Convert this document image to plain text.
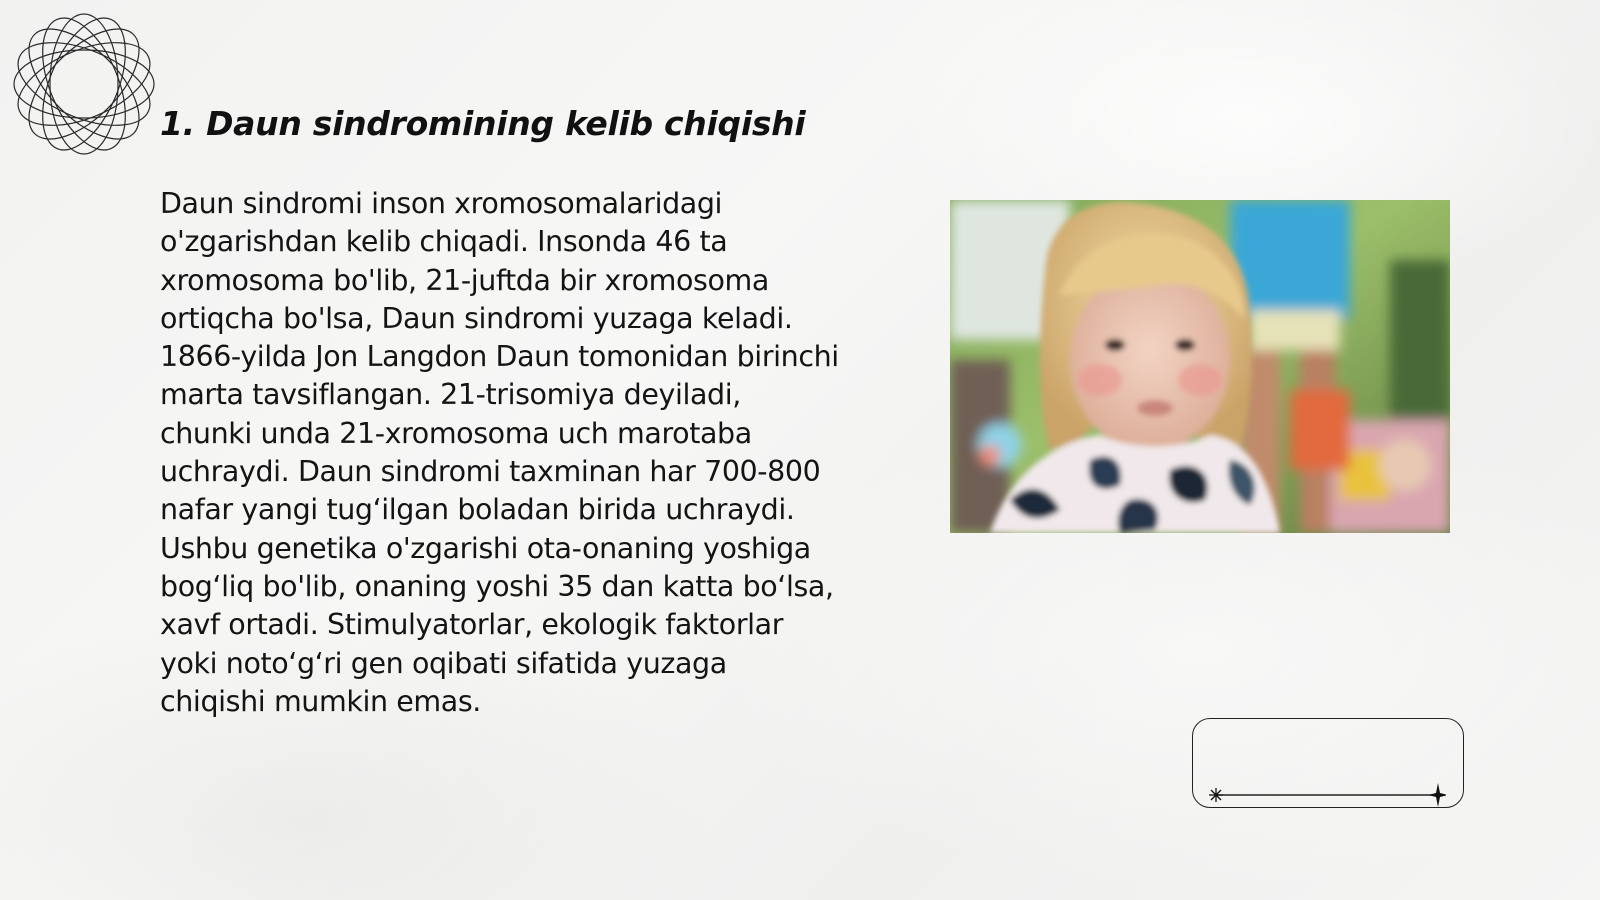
1. Daun sindromining kelib chiqishi

Daun sindromi inson xromosomalaridagi o'zgarishdan kelib chiqadi. Insonda 46 ta xromosoma bo'lib, 21-juftda bir xromosoma ortiqcha bo'lsa, Daun sindromi yuzaga keladi. 1866-yilda Jon Langdon Daun tomonidan birinchi marta tavsiflangan. 21-trisomiya deyiladi, chunki unda 21-xromosoma uch marotaba uchraydi. Daun sindromi taxminan har 700-800 nafar yangi tug‘ilgan boladan birida uchraydi. Ushbu genetika o'zgarishi ota-onaning yoshiga bog‘liq bo'lib, onaning yoshi 35 dan katta bo‘lsa, xavf ortadi. Stimulyatorlar, ekologik faktorlar yoki noto‘g‘ri gen oqibati sifatida yuzaga chiqishi mumkin emas.
